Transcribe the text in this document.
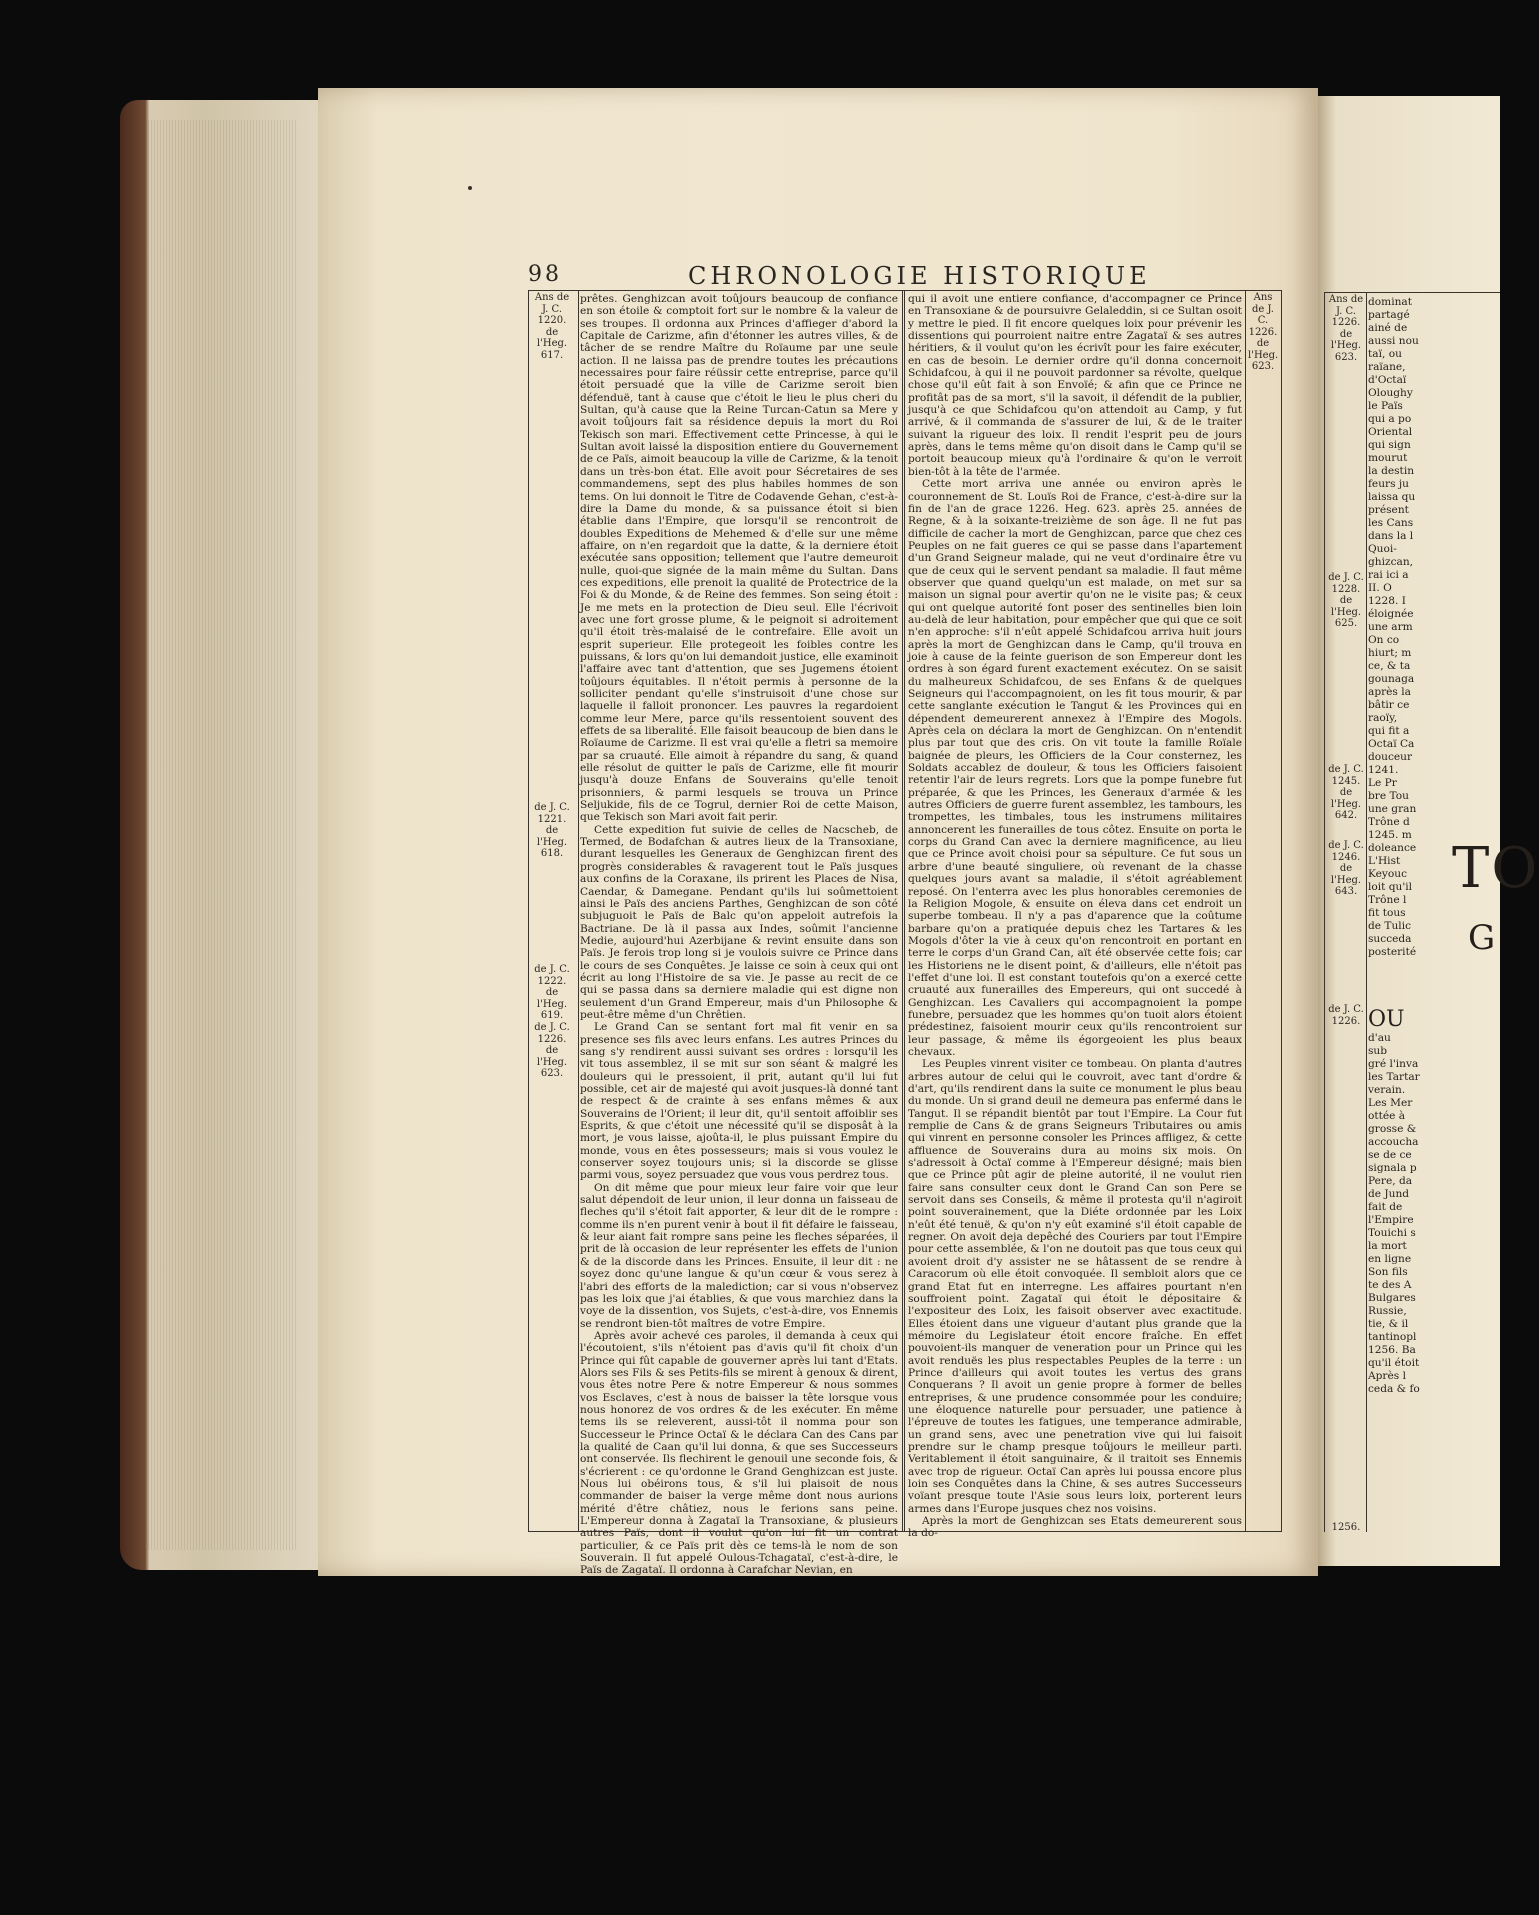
98	CHRONOLOGIE HISTORIQUE
Ans de J. C. 1220. de l'Heg. 617.
de J. C. 1221. de l'Heg. 618.
de J. C. 1222. de l'Heg. 619.
de J. C. 1226. de l'Heg. 623.
Ans de J. C. 1226. de l'Heg. 623.

prêtes. Genghizcan avoit toûjours beaucoup de confiance en son étoile & comptoit fort sur le nombre & la valeur de ses troupes. Il ordonna aux Princes d'affieger d'abord la Capitale de Carizme, afin d'étonner les autres villes, & de tâcher de se rendre Maître du Roïaume par une seule action. Il ne laissa pas de prendre toutes les précautions necessaires pour faire réüssir cette entreprise, parce qu'il étoit persuadé que la ville de Carizme seroit bien défenduë, tant à cause que c'étoit le lieu le plus cheri du Sultan, qu'à cause que la Reine Turcan-Catun sa Mere y avoit toûjours fait sa résidence depuis la mort du Roi Tekisch son mari. Effectivement cette Princesse, à qui le Sultan avoit laissé la disposition entiere du Gouvernement de ce Païs, aimoit beaucoup la ville de Carizme, & la tenoit dans un très-bon état. Elle avoit pour Sécretaires de ses commandemens, sept des plus habiles hommes de son tems. On lui donnoit le Titre de Codavende Gehan, c'est-à-dire la Dame du monde, & sa puissance étoit si bien établie dans l'Empire, que lorsqu'il se rencontroit de doubles Expeditions de Mehemed & d'elle sur une même affaire, on n'en regardoit que la datte, & la derniere étoit exécutée sans opposition; tellement que l'autre demeuroit nulle, quoi-que signée de la main même du Sultan. Dans ces expeditions, elle prenoit la qualité de Protectrice de la Foi & du Monde, & de Reine des femmes. Son seing étoit : Je me mets en la protection de Dieu seul. Elle l'écrivoit avec une fort grosse plume, & le peignoit si adroitement qu'il étoit très-malaisé de le contrefaire. Elle avoit un esprit superieur. Elle protegeoit les foibles contre les puissans, & lors qu'on lui demandoit justice, elle examinoit l'affaire avec tant d'attention, que ses Jugemens étoient toûjours équitables. Il n'étoit permis à personne de la solliciter pendant qu'elle s'instruisoit d'une chose sur laquelle il falloit prononcer. Les pauvres la regardoient comme leur Mere, parce qu'ils ressentoient souvent des effets de sa liberalité. Elle faisoit beaucoup de bien dans le Roïaume de Carizme. Il est vrai qu'elle a fletri sa memoire par sa cruauté. Elle aimoit à répandre du sang, & quand elle résolut de quitter le païs de Carizme, elle fit mourir jusqu'à douze Enfans de Souverains qu'elle tenoit prisonniers, & parmi lesquels se trouva un Prince Seljukide, fils de ce Togrul, dernier Roi de cette Maison, que Tekisch son Mari avoit fait perir.

Cette expedition fut suivie de celles de Nacscheb, de Termed, de Bodafchan & autres lieux de la Transoxiane, durant lesquelles les Generaux de Genghizcan firent des progrès considerables & ravagerent tout le Païs jusques aux confins de la Coraxane, ils prirent les Places de Nisa, Caendar, & Damegane. Pendant qu'ils lui soûmettoient ainsi le Païs des anciens Parthes, Genghizcan de son côté subjuguoit le Païs de Balc qu'on appeloit autrefois la Bactriane. De là il passa aux Indes, soûmit l'ancienne Medie, aujourd'hui Azerbijane & revint ensuite dans son Païs. Je ferois trop long si je voulois suivre ce Prince dans le cours de ses Conquêtes. Je laisse ce soin à ceux qui ont écrit au long l'Histoire de sa vie. Je passe au recit de ce qui se passa dans sa derniere maladie qui est digne non seulement d'un Grand Empereur, mais d'un Philosophe & peut-être même d'un Chrêtien.

Le Grand Can se sentant fort mal fit venir en sa presence ses fils avec leurs enfans. Les autres Princes du sang s'y rendirent aussi suivant ses ordres : lorsqu'il les vit tous assemblez, il se mit sur son séant & malgré les douleurs qui le pressoient, il prit, autant qu'il lui fut possible, cet air de majesté qui avoit jusques-là donné tant de respect & de crainte à ses enfans mêmes & aux Souverains de l'Orient; il leur dit, qu'il sentoit affoiblir ses Esprits, & que c'étoit une nécessité qu'il se disposât à la mort, je vous laisse, ajoûta-il, le plus puissant Empire du monde, vous en êtes possesseurs; mais si vous voulez le conserver soyez toujours unis; si la discorde se glisse parmi vous, soyez persuadez que vous vous perdrez tous.

On dit même que pour mieux leur faire voir que leur salut dépendoit de leur union, il leur donna un faisseau de fleches qu'il s'étoit fait apporter, & leur dit de le rompre : comme ils n'en purent venir à bout il fit défaire le faisseau, & leur aiant fait rompre sans peine les fleches séparées, il prit de là occasion de leur représenter les effets de l'union & de la discorde dans les Princes. Ensuite, il leur dit : ne soyez donc qu'une langue & qu'un cœur & vous serez à l'abri des efforts de la malediction; car si vous n'observez pas les loix que j'ai établies, & que vous marchiez dans la voye de la dissention, vos Sujets, c'est-à-dire, vos Ennemis se rendront bien-tôt maîtres de votre Empire.

Après avoir achevé ces paroles, il demanda à ceux qui l'écoutoient, s'ils n'étoient pas d'avis qu'il fit choix d'un Prince qui fût capable de gouverner après lui tant d'Etats. Alors ses Fils & ses Petits-fils se mirent à genoux & dirent, vous êtes notre Pere & notre Empereur & nous sommes vos Esclaves, c'est à nous de baisser la tête lorsque vous nous honorez de vos ordres & de les exécuter. En même tems ils se releverent, aussi-tôt il nomma pour son Successeur le Prince Octaï & le déclara Can des Cans par la qualité de Caan qu'il lui donna, & que ses Successeurs ont conservée. Ils flechirent le genouil une seconde fois, & s'écrierent : ce qu'ordonne le Grand Genghizcan est juste. Nous lui obéirons tous, & s'il lui plaisoit de nous commander de baiser la verge même dont nous aurions mérité d'être châtiez, nous le ferions sans peine. L'Empereur donna à Zagataï la Transoxiane, & plusieurs autres Païs, dont il voulut qu'on lui fit un contrat particulier, & ce Païs prit dès ce tems-là le nom de son Souverain. Il fut appelé Oulous-Tchagataï, c'est-à-dire, le Païs de Zagataï. Il ordonna à Carafchar Nevian, en

qui il avoit une entiere confiance, d'accompagner ce Prince en Transoxiane & de poursuivre Gelaleddin, si ce Sultan osoit y mettre le pied. Il fit encore quelques loix pour prévenir les dissentions qui pourroient naitre entre Zagataï & ses autres héritiers, & il voulut qu'on les écrivît pour les faire exécuter, en cas de besoin. Le dernier ordre qu'il donna concernoit Schidafcou, à qui il ne pouvoit pardonner sa révolte, quelque chose qu'il eût fait à son Envoïé; & afin que ce Prince ne profitât pas de sa mort, s'il la savoit, il défendit de la publier, jusqu'à ce que Schidafcou qu'on attendoit au Camp, y fut arrivé, & il commanda de s'assurer de lui, & de le traiter suivant la rigueur des loix. Il rendit l'esprit peu de jours après, dans le tems même qu'on disoit dans le Camp qu'il se portoit beaucoup mieux qu'à l'ordinaire & qu'on le verroit bien-tôt à la tête de l'armée.

Cette mort arriva une année ou environ après le couronnement de St. Louïs Roi de France, c'est-à-dire sur la fin de l'an de grace 1226. Heg. 623. après 25. années de Regne, & à la soixante-treizième de son âge. Il ne fut pas difficile de cacher la mort de Genghizcan, parce que chez ces Peuples on ne fait gueres ce qui se passe dans l'apartement d'un Grand Seigneur malade, qui ne veut d'ordinaire être vu que de ceux qui le servent pendant sa maladie. Il faut même observer que quand quelqu'un est malade, on met sur sa maison un signal pour avertir qu'on ne le visite pas; & ceux qui ont quelque autorité font poser des sentinelles bien loin au-delà de leur habitation, pour empêcher que qui que ce soit n'en approche: s'il n'eût appelé Schidafcou arriva huit jours après la mort de Genghizcan dans le Camp, qu'il trouva en joie à cause de la feinte guerison de son Empereur dont les ordres à son égard furent exactement exécutez. On se saisit du malheureux Schidafcou, de ses Enfans & de quelques Seigneurs qui l'accompagnoient, on les fit tous mourir, & par cette sanglante exécution le Tangut & les Provinces qui en dépendent demeurerent annexez à l'Empire des Mogols. Après cela on déclara la mort de Genghizcan. On n'entendit plus par tout que des cris. On vit toute la famille Roïale baignée de pleurs, les Officiers de la Cour consternez, les Soldats accablez de douleur, & tous les Officiers faisoient retentir l'air de leurs regrets. Lors que la pompe funebre fut préparée, & que les Princes, les Generaux d'armée & les autres Officiers de guerre furent assemblez, les tambours, les trompettes, les timbales, tous les instrumens militaires annoncerent les funerailles de tous côtez. Ensuite on porta le corps du Grand Can avec la derniere magnificence, au lieu que ce Prince avoit choisi pour sa sépulture. Ce fut sous un arbre d'une beauté singuliere, où revenant de la chasse quelques jours avant sa maladie, il s'étoit agréablement reposé. On l'enterra avec les plus honorables ceremonies de la Religion Mogole, & ensuite on éleva dans cet endroit un superbe tombeau. Il n'y a pas d'aparence que la coûtume barbare qu'on a pratiquée depuis chez les Tartares & les Mogols d'ôter la vie à ceux qu'on rencontroit en portant en terre le corps d'un Grand Can, aït été observée cette fois; car les Historiens ne le disent point, & d'ailleurs, elle n'étoit pas l'effet d'une loi. Il est constant toutefois qu'on a exercé cette cruauté aux funerailles des Empereurs, qui ont succedé à Genghizcan. Les Cavaliers qui accompagnoient la pompe funebre, persuadez que les hommes qu'on tuoit alors étoient prédestinez, faisoient mourir ceux qu'ils rencontroient sur leur passage, & même ils égorgeoient les plus beaux chevaux.

Les Peuples vinrent visiter ce tombeau. On planta d'autres arbres autour de celui qui le couvroit, avec tant d'ordre & d'art, qu'ils rendirent dans la suite ce monument le plus beau du monde. Un si grand deuil ne demeura pas enfermé dans le Tangut. Il se répandit bientôt par tout l'Empire. La Cour fut remplie de Cans & de grans Seigneurs Tributaires ou amis qui vinrent en personne consoler les Princes affligez, & cette affluence de Souverains dura au moins six mois. On s'adressoit à Octaï comme à l'Empereur désigné; mais bien que ce Prince pût agir de pleine autorité, il ne voulut rien faire sans consulter ceux dont le Grand Can son Pere se servoit dans ses Conseils, & même il protesta qu'il n'agiroit point souverainement, que la Diéte ordonnée par les Loix n'eût été tenuë, & qu'on n'y eût examiné s'il étoit capable de regner. On avoit deja depêché des Couriers par tout l'Empire pour cette assemblée, & l'on ne doutoit pas que tous ceux qui avoient droit d'y assister ne se hâtassent de se rendre à Caracorum où elle étoit convoquée. Il sembloit alors que ce grand Etat fut en interregne. Les affaires pourtant n'en souffroient point. Zagataï qui étoit le dépositaire & l'expositeur des Loix, les faisoit observer avec exactitude. Elles étoient dans une vigueur d'autant plus grande que la mémoire du Legislateur étoit encore fraîche. En effet pouvoient-ils manquer de veneration pour un Prince qui les avoit renduës les plus respectables Peuples de la terre : un Prince d'ailleurs qui avoit toutes les vertus des grans Conquerans ? Il avoit un genie propre à former de belles entreprises, & une prudence consommée pour les conduire; une éloquence naturelle pour persuader, une patience à l'épreuve de toutes les fatigues, une temperance admirable, un grand sens, avec une penetration vive qui lui faisoit prendre sur le champ presque toûjours le meilleur parti. Veritablement il étoit sanguinaire, & il traitoit ses Ennemis avec trop de rigueur. Octaï Can après lui poussa encore plus loin ses Conquêtes dans la Chine, & ses autres Successeurs voïant presque toute l'Asie sous leurs loix, porterent leurs armes dans l'Europe jusques chez nos voisins.

Après la mort de Genghizcan ses Etats demeurerent sous la do-

Ans de J. C. 1226. de l'Heg. 623.
de J. C. 1228. de l'Heg. 625.
de J. C. 1245. de l'Heg. 642.
de J. C. 1246. de l'Heg. 643.
de J. C. 1226.
1256.
dominat
partagé
ainé de
aussi nou
taï, ou
raïane,
d'Octaï
Oloughy
le Païs
qui a po
Oriental
qui sign
mourut
la destin
feurs ju
laissa qu
présent
les Cans
dans la l
Quoi-
ghizcan,
rai ici a
II. O
1228. I
éloignée
une arm
On co
hiurt; m
ce, & ta
gounaga
après la
bâtir ce
raoïy,
qui fit a
Octaï Ca
douceur
1241.
Le Pr
bre Tou
une gran
Trône d
1245. m
doleance
L'Hist
Keyouc
loit qu'il
Trône l
fit tous
de Tulic
succeda
posterité
TO
G
OU
d'au
sub
gré l'inva
les Tartar
verain.
Les Mer
ottée à
grosse &
accoucha
se de ce
signala p
Pere, da
de Jund
fait de
l'Empire
Touichi s
la mort
en ligne
Son fils
te des A
Bulgares
Russie,
tie, & il
tantinopl
1256. Ba
qu'il étoit
Après l
ceda & fo
